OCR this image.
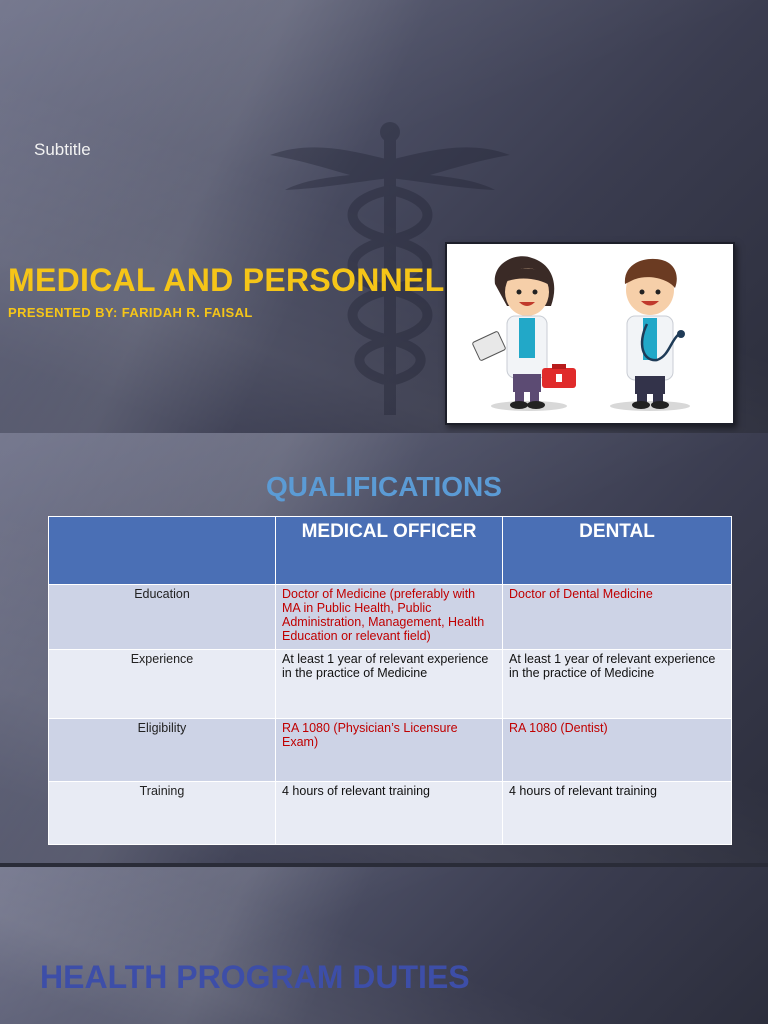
Subtitle
MEDICAL AND PERSONNEL
PRESENTED BY: FARIDAH R. FAISAL
QUALIFICATIONS
	MEDICAL OFFICER	DENTAL
Education	Doctor of Medicine (preferably with MA in Public Health, Public Administration, Management, Health Education or relevant field)	Doctor of Dental Medicine
Experience	At least 1 year of relevant experience in the practice of Medicine	At least 1 year of relevant experience in the practice of Medicine
Eligibility	RA 1080 (Physician’s Licensure Exam)	RA 1080 (Dentist)
Training	4 hours of relevant training	4 hours of relevant training
HEALTH PROGRAM DUTIES
